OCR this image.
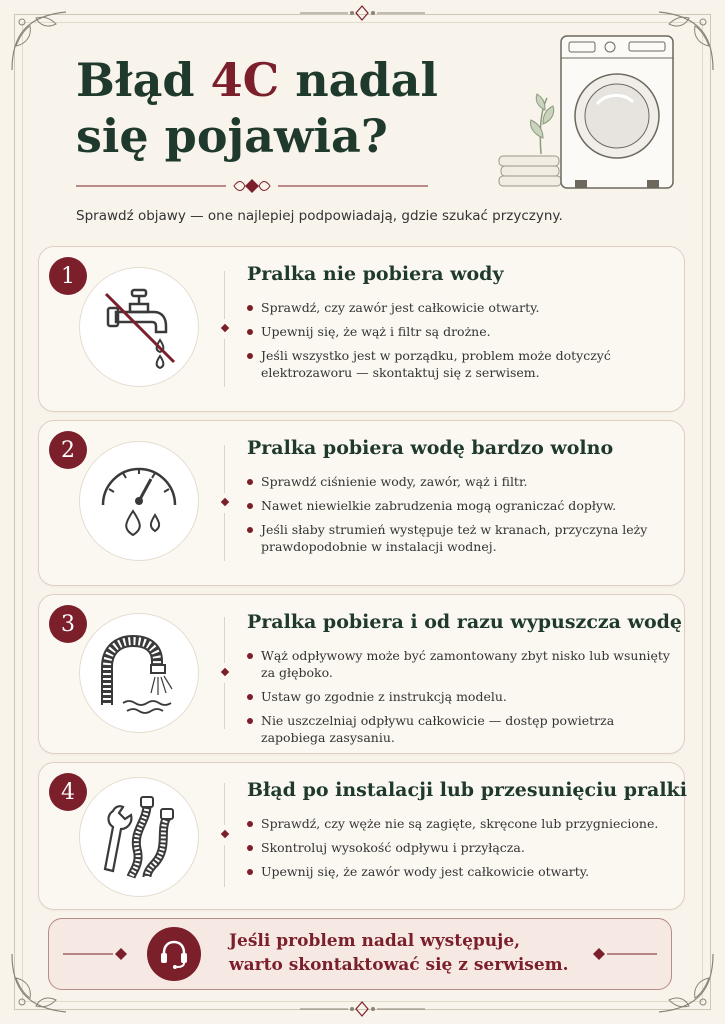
Błąd 4C nadal
się pojawia?

Sprawdź objawy — one najlepiej podpowiadają, gdzie szukać przyczyny.

1	Pralka nie pobiera wody
Sprawdź, czy zawór jest całkowicie otwarty.
Upewnij się, że wąż i filtr są drożne.
Jeśli wszystko jest w porządku, problem może dotyczyć elektrozaworu — skontaktuj się z serwisem.
2	Pralka pobiera wodę bardzo wolno
Sprawdź ciśnienie wody, zawór, wąż i filtr.
Nawet niewielkie zabrudzenia mogą ograniczać dopływ.
Jeśli słaby strumień występuje też w kranach, przyczyna leży prawdopodobnie w instalacji wodnej.
3	Pralka pobiera i od razu wypuszcza wodę
Wąż odpływowy może być zamontowany zbyt nisko lub wsunięty za głęboko.
Ustaw go zgodnie z instrukcją modelu.
Nie uszczelniaj odpływu całkowicie — dostęp powietrza zapobiega zasysaniu.
4	Błąd po instalacji lub przesunięciu pralki
Sprawdź, czy węże nie są zagięte, skręcone lub przygniecione.
Skontroluj wysokość odpływu i przyłącza.
Upewnij się, że zawór wody jest całkowicie otwarty.

Jeśli problem nadal występuje,

warto skontaktować się z serwisem.
